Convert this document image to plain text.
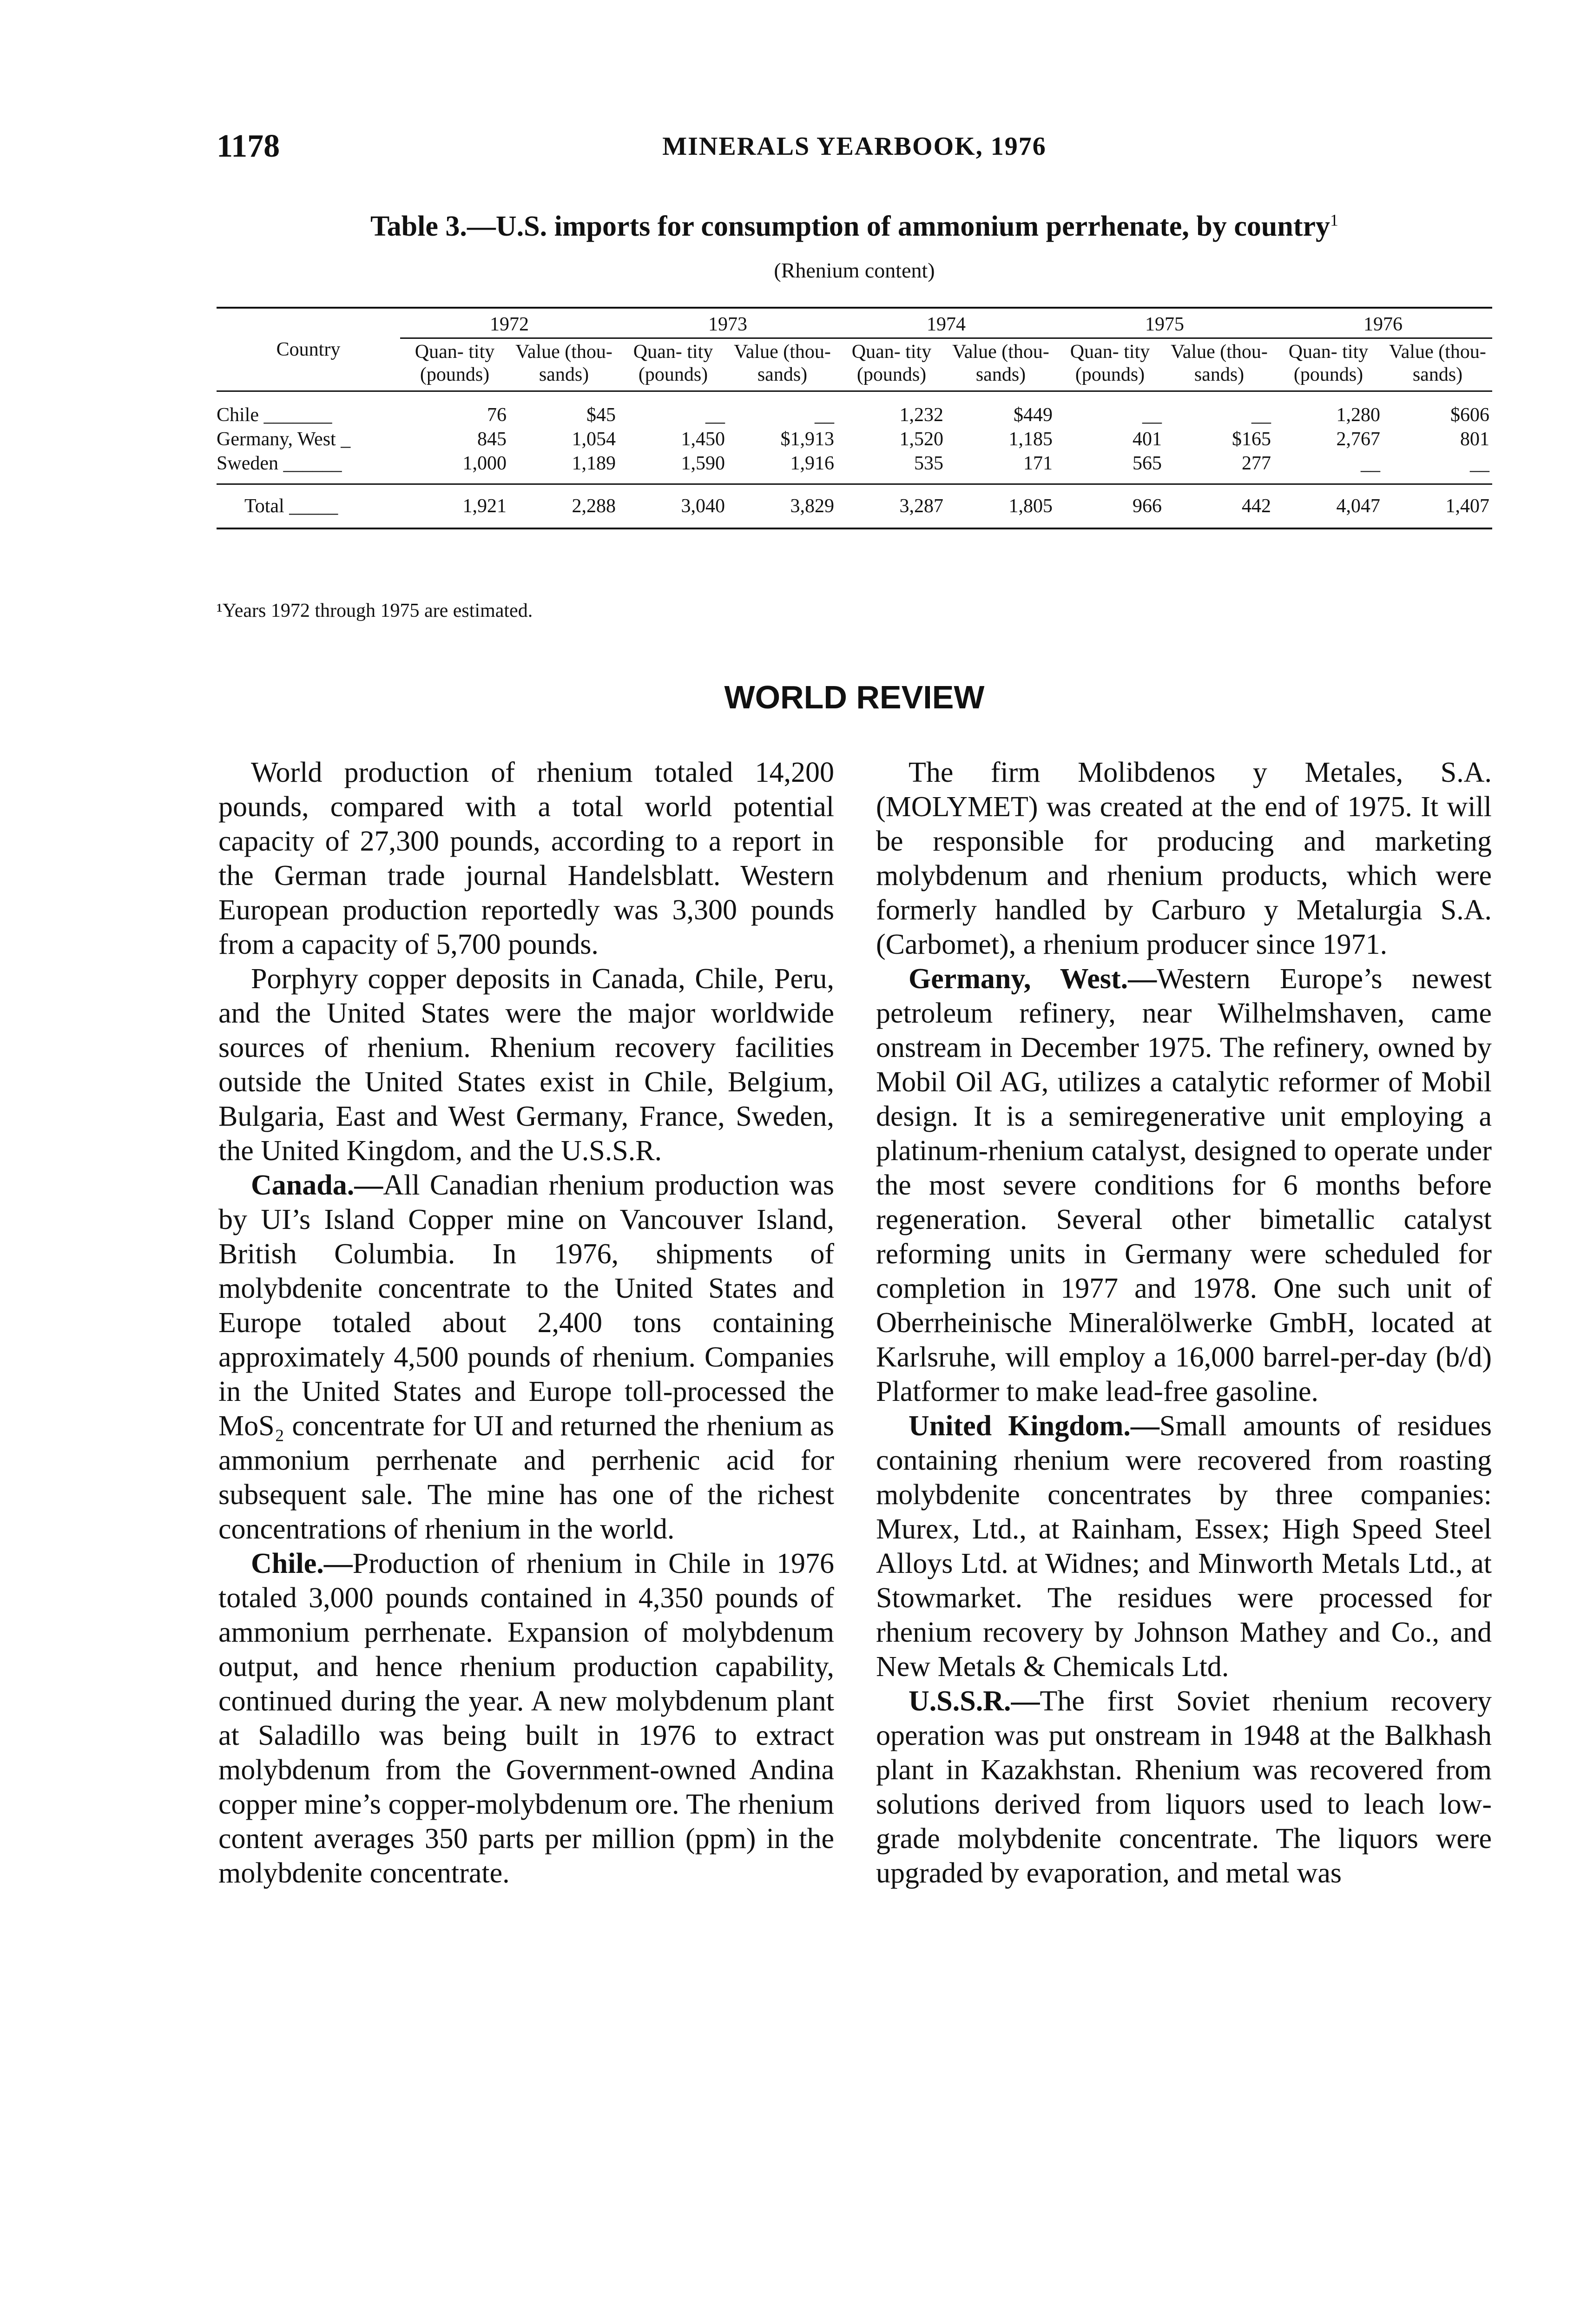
1178	MINERALS YEARBOOK, 1976
Table 3.—U.S. imports for consumption of ammonium perrhenate, by country$^1$
(Rhenium content)
Country	1972		1973		1974		1975		1976	
	Quan- tity (pounds)	Value (thou- sands)	Quan- tity (pounds)	Value (thou- sands)	Quan- tity (pounds)	Value (thou- sands)	Quan- tity (pounds)	Value (thou- sands)	Quan- tity (pounds)	Value (thou- sands)
Chile _______	76	$45	__	__	1,232	$449	__	__	1,280	$606
Germany, West _	845	1,054	1,450	$1,913	1,520	1,185	401	$165	2,767	801
Sweden ______	1,000	1,189	1,590	1,916	535	171	565	277	__	__
Total _____	1,921	2,288	3,040	3,829	3,287	1,805	966	442	4,047	1,407
¹Years 1972 through 1975 are estimated.
WORLD REVIEW

World production of rhenium totaled 14,200 pounds, compared with a total world potential capacity of 27,300 pounds, according to a report in the German trade journal Handelsblatt. Western European production reportedly was 3,300 pounds from a capacity of 5,700 pounds.

Porphyry copper deposits in Canada, Chile, Peru, and the United States were the major worldwide sources of rhenium. Rhenium recovery facilities outside the United States exist in Chile, Belgium, Bulgaria, East and West Germany, France, Sweden, the United Kingdom, and the U.S.S.R.

Canada.—All Canadian rhenium production was by UI’s Island Copper mine on Vancouver Island, British Columbia. In 1976, shipments of molybdenite concentrate to the United States and Europe totaled about 2,400 tons containing approximately 4,500 pounds of rhenium. Companies in the United States and Europe toll-processed the MoS₂ concentrate for UI and returned the rhenium as ammonium perrhenate and perrhenic acid for subsequent sale. The mine has one of the richest concentrations of rhenium in the world.

Chile.—Production of rhenium in Chile in 1976 totaled 3,000 pounds contained in 4,350 pounds of ammonium perrhenate. Expansion of molybdenum output, and hence rhenium production capability, continued during the year. A new molybdenum plant at Saladillo was being built in 1976 to extract molybdenum from the Government-owned Andina copper mine’s copper-molybdenum ore. The rhenium content averages 350 parts per million (ppm) in the molybdenite concentrate.

The firm Molibdenos y Metales, S.A. (MOLYMET) was created at the end of 1975. It will be responsible for producing and marketing molybdenum and rhenium products, which were formerly handled by Carburo y Metalurgia S.A. (Carbomet), a rhenium producer since 1971.

Germany, West.—Western Europe’s newest petroleum refinery, near Wilhelmshaven, came onstream in December 1975. The refinery, owned by Mobil Oil AG, utilizes a catalytic reformer of Mobil design. It is a semiregenerative unit employing a platinum-rhenium catalyst, designed to operate under the most severe conditions for 6 months before regeneration. Several other bimetallic catalyst reforming units in Germany were scheduled for completion in 1977 and 1978. One such unit of Oberrheinische Mineralölwerke GmbH, located at Karlsruhe, will employ a 16,000 barrel-per-day (b/d) Platformer to make lead-free gasoline.

United Kingdom.—Small amounts of residues containing rhenium were recovered from roasting molybdenite concentrates by three companies: Murex, Ltd., at Rainham, Essex; High Speed Steel Alloys Ltd. at Widnes; and Minworth Metals Ltd., at Stowmarket. The residues were processed for rhenium recovery by Johnson Mathey and Co., and New Metals & Chemicals Ltd.

U.S.S.R.—The first Soviet rhenium recovery operation was put onstream in 1948 at the Balkhash plant in Kazakhstan. Rhenium was recovered from solutions derived from liquors used to leach low-grade molybdenite concentrate. The liquors were upgraded by evaporation, and metal was
